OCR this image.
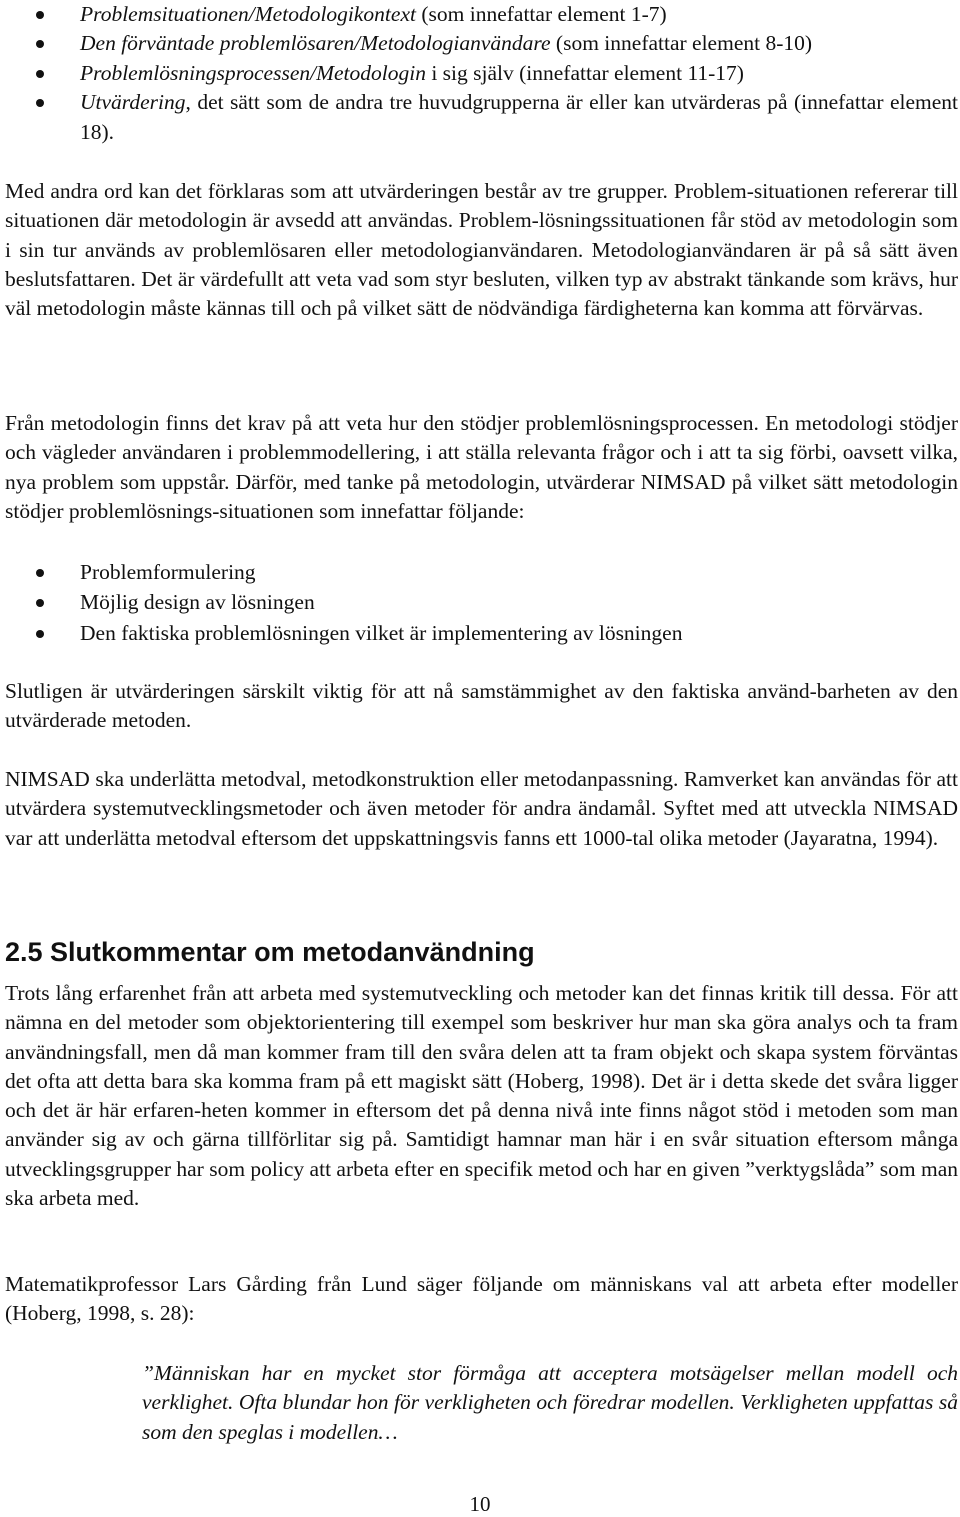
Problemsituationen/Metodologikontext (som innefattar element 1-7)
Den förväntade problemlösaren/Metodologianvändare (som innefattar element 8-10)
Problemlösningsprocessen/Metodologin i sig själv (innefattar element 11-17)
Utvärdering, det sätt som de andra tre huvudgrupperna är eller kan utvärderas på (innefattar element 18).

Med andra ord kan det förklaras som att utvärderingen består av tre grupper. Problem-situationen refererar till situationen där metodologin är avsedd att användas. Problem-lösningssituationen får stöd av metodologin som i sin tur används av problemlösaren eller metodologianvändaren. Metodologianvändaren är på så sätt även beslutsfattaren. Det är värdefullt att veta vad som styr besluten, vilken typ av abstrakt tänkande som krävs, hur väl metodologin måste kännas till och på vilket sätt de nödvändiga färdigheterna kan komma att förvärvas.

Från metodologin finns det krav på att veta hur den stödjer problemlösningsprocessen. En metodologi stödjer och vägleder användaren i problemmodellering, i att ställa relevanta frågor och i att ta sig förbi, oavsett vilka, nya problem som uppstår. Därför, med tanke på metodologin, utvärderar NIMSAD på vilket sätt metodologin stödjer problemlösnings-situationen som innefattar följande:

Problemformulering
Möjlig design av lösningen
Den faktiska problemlösningen vilket är implementering av lösningen

Slutligen är utvärderingen särskilt viktig för att nå samstämmighet av den faktiska använd-barheten av den utvärderade metoden.

NIMSAD ska underlätta metodval, metodkonstruktion eller metodanpassning. Ramverket kan användas för att utvärdera systemutvecklingsmetoder och även metoder för andra ändamål. Syftet med att utveckla NIMSAD var att underlätta metodval eftersom det uppskattningsvis fanns ett 1000-tal olika metoder (Jayaratna, 1994).

2.5 Slutkommentar om metodanvändning

Trots lång erfarenhet från att arbeta med systemutveckling och metoder kan det finnas kritik till dessa. För att nämna en del metoder som objektorientering till exempel som beskriver hur man ska göra analys och ta fram användningsfall, men då man kommer fram till den svåra delen att ta fram objekt och skapa system förväntas det ofta att detta bara ska komma fram på ett magiskt sätt (Hoberg, 1998). Det är i detta skede det svåra ligger och det är här erfaren-heten kommer in eftersom det på denna nivå inte finns något stöd i metoden som man använder sig av och gärna tillförlitar sig på. Samtidigt hamnar man här i en svår situation eftersom många utvecklingsgrupper har som policy att arbeta efter en specifik metod och har en given ”verktygslåda” som man ska arbeta med.

Matematikprofessor Lars Gårding från Lund säger följande om människans val att arbeta efter modeller (Hoberg, 1998, s. 28):

”Människan har en mycket stor förmåga att acceptera motsägelser mellan modell och verklighet. Ofta blundar hon för verkligheten och föredrar modellen. Verkligheten uppfattas så som den speglas i modellen…

10
